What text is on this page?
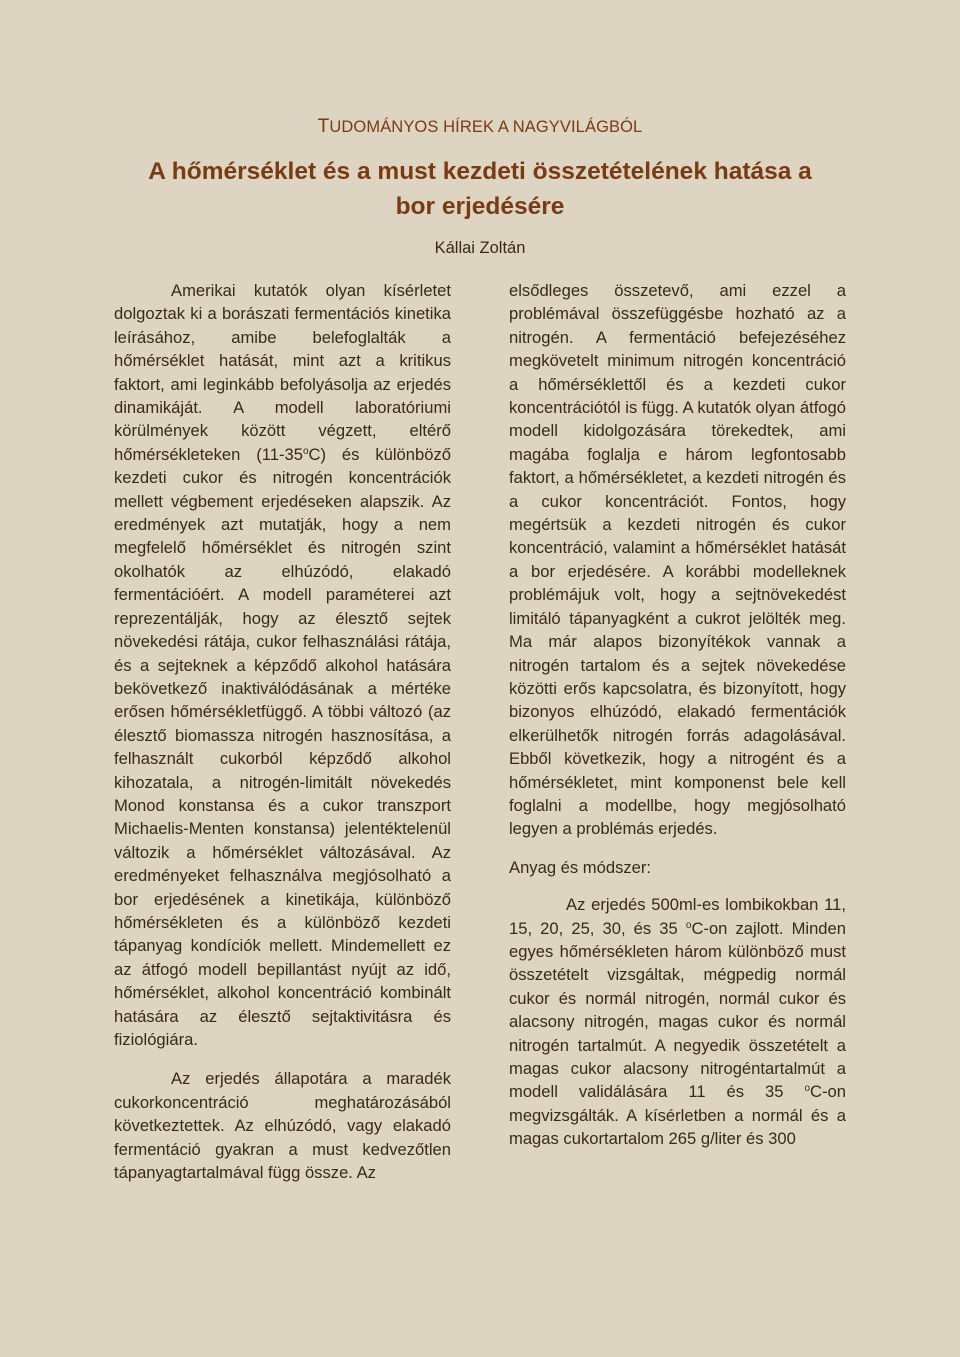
TUDOMÁNYOS HÍREK A NAGYVILÁGBÓL
A hőmérséklet és a must kezdeti összetételének hatása a
bor erjedésére
Kállai Zoltán

Amerikai kutatók olyan kísérletet dolgoztak ki a borászati fermentációs kinetika leírásához, amibe belefoglalták a hőmérséklet hatását, mint azt a kritikus faktort, ami leginkább befolyásolja az erjedés dinamikáját. A modell laboratóriumi körülmények között végzett, eltérő hőmérsékleteken (11-35$^o$C) és különböző kezdeti cukor és nitrogén koncentrációk mellett végbement erjedéseken alapszik. Az eredmények azt mutatják, hogy a nem megfelelő hőmérséklet és nitrogén szint okolhatók az elhúzódó, elakadó fermentációért. A modell paraméterei azt reprezentálják, hogy az élesztő sejtek növekedési rátája, cukor felhasználási rátája, és a sejteknek a képződő alkohol hatására bekövetkező inaktiválódásának a mértéke erősen hőmérsékletfüggő. A többi változó (az élesztő biomassza nitrogén hasznosítása, a felhasznált cukorból képződő alkohol kihozatala, a nitrogén-limitált növekedés Monod konstansa és a cukor transzport Michaelis-Menten konstansa) jelentéktelenül változik a hőmérséklet változásával. Az eredményeket felhasználva megjósolható a bor erjedésének a kinetikája, különböző hőmérsékleten és a különböző kezdeti tápanyag kondíciók mellett. Mindemellett ez az átfogó modell bepillantást nyújt az idő, hőmérséklet, alkohol koncentráció kombinált hatására az élesztő sejtaktivitásra és fiziológiára.

Az erjedés állapotára a maradék cukorkoncentráció meghatározásából következtettek. Az elhúzódó, vagy elakadó fermentáció gyakran a must kedvezőtlen tápanyagtartalmával függ össze. Az

elsődleges összetevő, ami ezzel a problémával összefüggésbe hozható az a nitrogén. A fermentáció befejezéséhez megkövetelt minimum nitrogén koncentráció a hőmérséklettől és a kezdeti cukor koncentrációtól is függ. A kutatók olyan átfogó modell kidolgozására törekedtek, ami magába foglalja e három legfontosabb faktort, a hőmérsékletet, a kezdeti nitrogén és a cukor koncentrációt. Fontos, hogy megértsük a kezdeti nitrogén és cukor koncentráció, valamint a hőmérséklet hatását a bor erjedésére. A korábbi modelleknek problémájuk volt, hogy a sejtnövekedést limitáló tápanyagként a cukrot jelölték meg. Ma már alapos bizonyítékok vannak a nitrogén tartalom és a sejtek növekedése közötti erős kapcsolatra, és bizonyított, hogy bizonyos elhúzódó, elakadó fermentációk elkerülhetők nitrogén forrás adagolásával. Ebből következik, hogy a nitrogént és a hőmérsékletet, mint komponenst bele kell foglalni a modellbe, hogy megjósolható legyen a problémás erjedés.

Anyag és módszer:

Az erjedés 500ml-es lombikokban 11, 15, 20, 25, 30, és 35 $^o$C-on zajlott. Minden egyes hőmérsékleten három különböző must összetételt vizsgáltak, mégpedig normál cukor és normál nitrogén, normál cukor és alacsony nitrogén, magas cukor és normál nitrogén tartalmút. A negyedik összetételt a magas cukor alacsony nitrogéntartalmút a modell validálására 11 és 35 $^o$C-on megvizsgálták. A kísérletben a normál és a magas cukortartalom 265 g/liter és 300
